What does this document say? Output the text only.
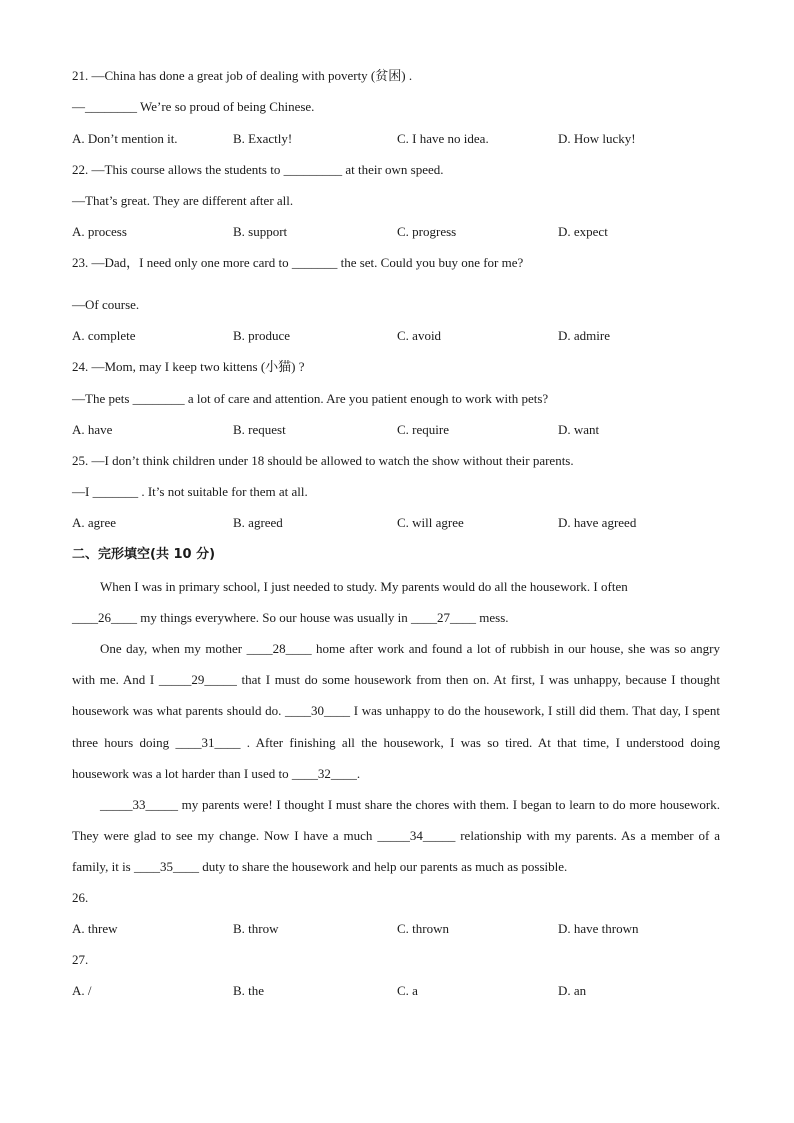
21. —China has done a great job of dealing with poverty (贫困) .
—________ We’re so proud of being Chinese.
A. Don’t mention it.	B. Exactly!	C. I have no idea.	D. How lucky!
22. —This course allows the students to _________ at their own speed.
—That’s great. They are different after all.
A. process	B. support	C. progress	D. expect
23. —Dad，I need only one more card to _______ the set. Could you buy one for me?
—Of course.
A. complete	B. produce	C. avoid	D. admire
24. —Mom, may I keep two kittens (小猫) ?
—The pets ________ a lot of care and attention. Are you patient enough to work with pets?
A. have	B. request	C. require	D. want
25. —I don’t think children under 18 should be allowed to watch the show without their parents.
—I _______ . It’s not suitable for them at all.
A. agree	B. agreed	C. will agree	D. have agreed
二、完形填空(共 10 分)
When I was in primary school, I just needed to study. My parents would do all the housework. I often
____26____ my things everywhere. So our house was usually in ____27____ mess.
One day, when my mother ____28____ home after work and found a lot of rubbish in our house, she was so angry with me. And I _____29_____ that I must do some housework from then on. At first, I was unhappy, because I thought housework was what parents should do. ____30____ I was unhappy to do the housework, I still did them. That day, I spent three hours doing ____31____ . After finishing all the housework, I was so tired. At that time, I understood doing housework was a lot harder than I used to ____32____.
_____33_____ my parents were! I thought I must share the chores with them. I began to learn to do more housework. They were glad to see my change. Now I have a much _____34_____ relationship with my parents. As a member of a family, it is ____35____ duty to share the housework and help our parents as much as possible.
26.
A. threw	B. throw	C. thrown	D. have thrown
27.
A. /	B. the	C. a	D. an
